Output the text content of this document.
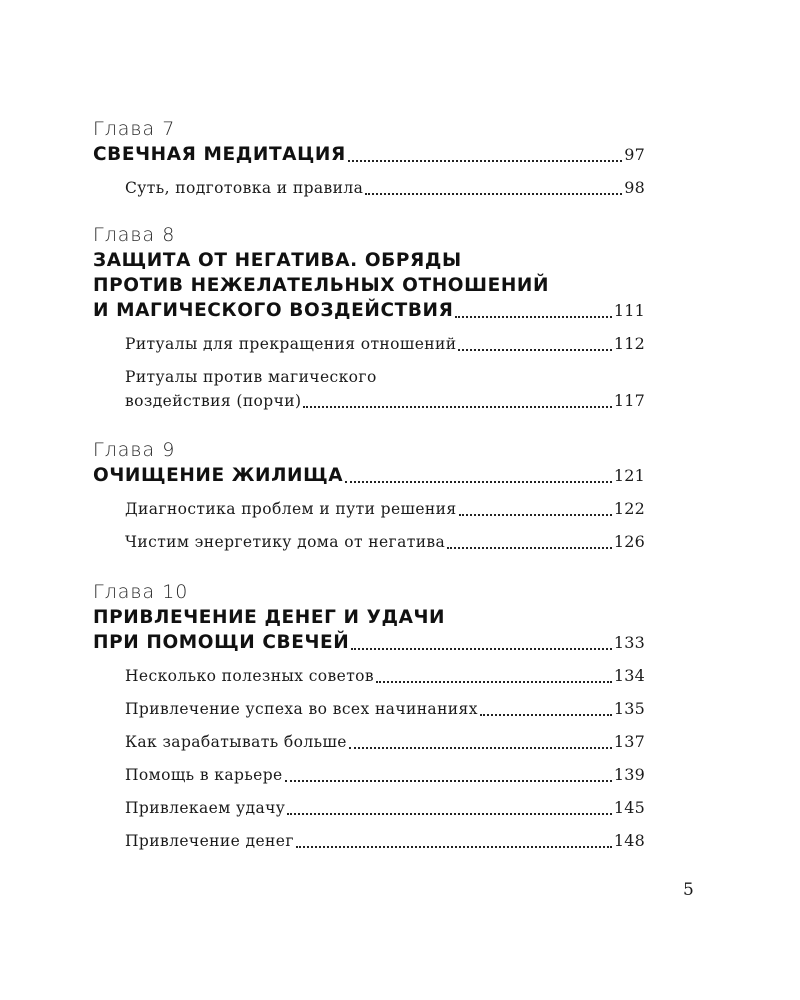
Глава 7
СВЕЧНАЯ МЕДИТАЦИЯ	97
Суть, подготовка и правила	98
Глава 8
ЗАЩИТА ОТ НЕГАТИВА. ОБРЯДЫ
ПРОТИВ НЕЖЕЛАТЕЛЬНЫХ ОТНОШЕНИЙ
И МАГИЧЕСКОГО ВОЗДЕЙСТВИЯ	111
Ритуалы для прекращения отношений	112
Ритуалы против магического
воздействия (порчи)	117
Глава 9
ОЧИЩЕНИЕ ЖИЛИЩА	121
Диагностика проблем и пути решения	122
Чистим энергетику дома от негатива	126
Глава 10
ПРИВЛЕЧЕНИЕ ДЕНЕГ И УДАЧИ
ПРИ ПОМОЩИ СВЕЧЕЙ	133
Несколько полезных советов	134
Привлечение успеха во всех начинаниях	135
Как зарабатывать больше	137
Помощь в карьере	139
Привлекаем удачу	145
Привлечение денег	148
5
